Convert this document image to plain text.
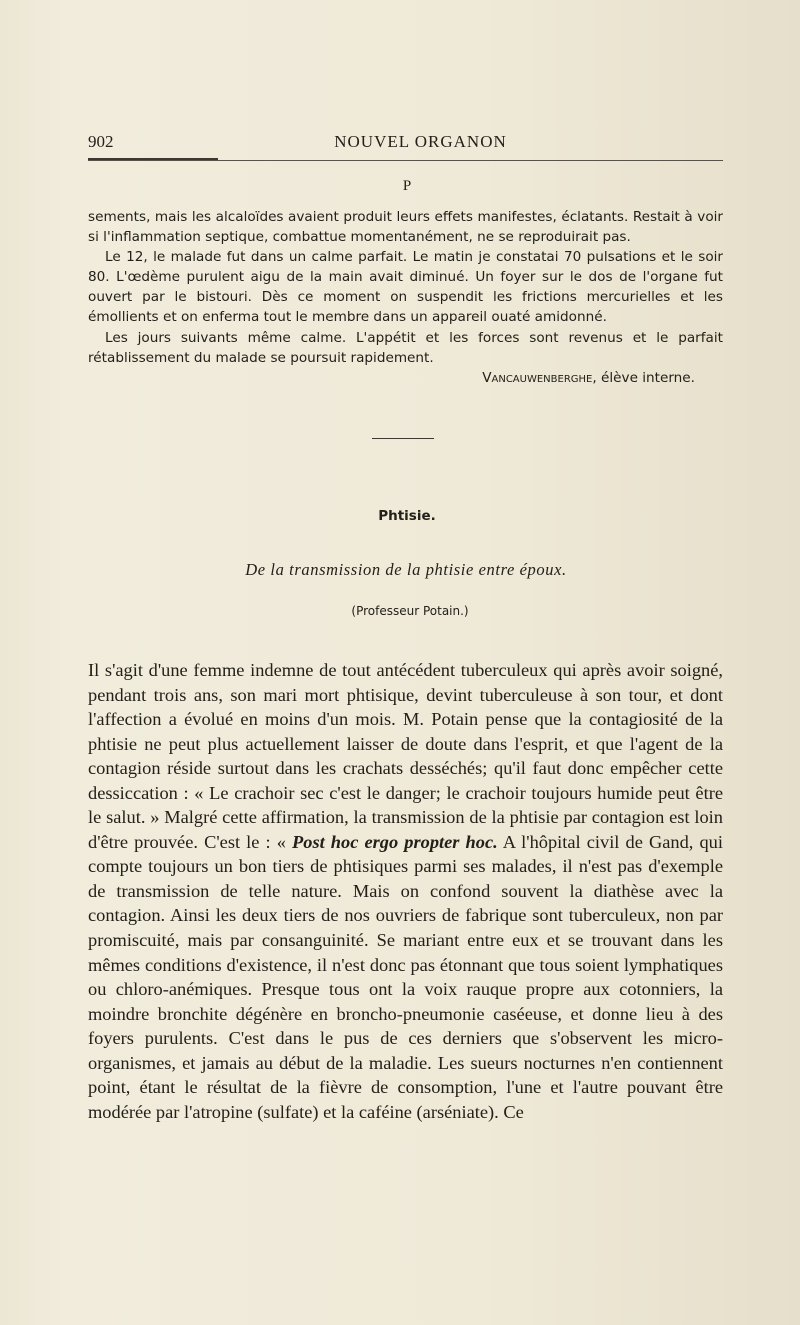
902	NOUVEL ORGANON
P

sements, mais les alcaloïdes avaient produit leurs effets manifestes, éclatants. Restait à voir si l'inflammation septique, combattue momentanément, ne se reproduirait pas.

Le 12, le malade fut dans un calme parfait. Le matin je constatai 70 pulsations et le soir 80. L'œdème purulent aigu de la main avait diminué. Un foyer sur le dos de l'organe fut ouvert par le bistouri. Dès ce moment on suspendit les frictions mercurielles et les émollients et on enferma tout le membre dans un appareil ouaté amidonné.

Les jours suivants même calme. L'appétit et les forces sont revenus et le parfait rétablissement du malade se poursuit rapidement.

Vancauwenberghe, élève interne.

Phtisie.
De la transmission de la phtisie entre époux.
(Professeur Potain.)

Il s'agit d'une femme indemne de tout antécédent tuberculeux qui après avoir soigné, pendant trois ans, son mari mort phtisique, devint tuberculeuse à son tour, et dont l'affection a évolué en moins d'un mois. M. Potain pense que la contagiosité de la phtisie ne peut plus actuellement laisser de doute dans l'esprit, et que l'agent de la contagion réside surtout dans les crachats desséchés; qu'il faut donc empêcher cette dessiccation : « Le crachoir sec c'est le danger; le crachoir toujours humide peut être le salut. » Malgré cette affirmation, la transmission de la phtisie par contagion est loin d'être prouvée. C'est le : « Post hoc ergo propter hoc. A l'hôpital civil de Gand, qui compte toujours un bon tiers de phtisiques parmi ses malades, il n'est pas d'exemple de transmission de telle nature. Mais on confond souvent la diathèse avec la contagion. Ainsi les deux tiers de nos ouvriers de fabrique sont tuberculeux, non par promiscuité, mais par consanguinité. Se mariant entre eux et se trouvant dans les mêmes conditions d'existence, il n'est donc pas étonnant que tous soient lymphatiques ou chloro-anémiques. Presque tous ont la voix rauque propre aux cotonniers, la moindre bronchite dégénère en broncho-pneumonie caséeuse, et donne lieu à des foyers purulents. C'est dans le pus de ces derniers que s'observent les micro-organismes, et jamais au début de la maladie. Les sueurs nocturnes n'en contiennent point, étant le résultat de la fièvre de consomption, l'une et l'autre pouvant être modérée par l'atropine (sulfate) et la caféine (arséniate). Ce
